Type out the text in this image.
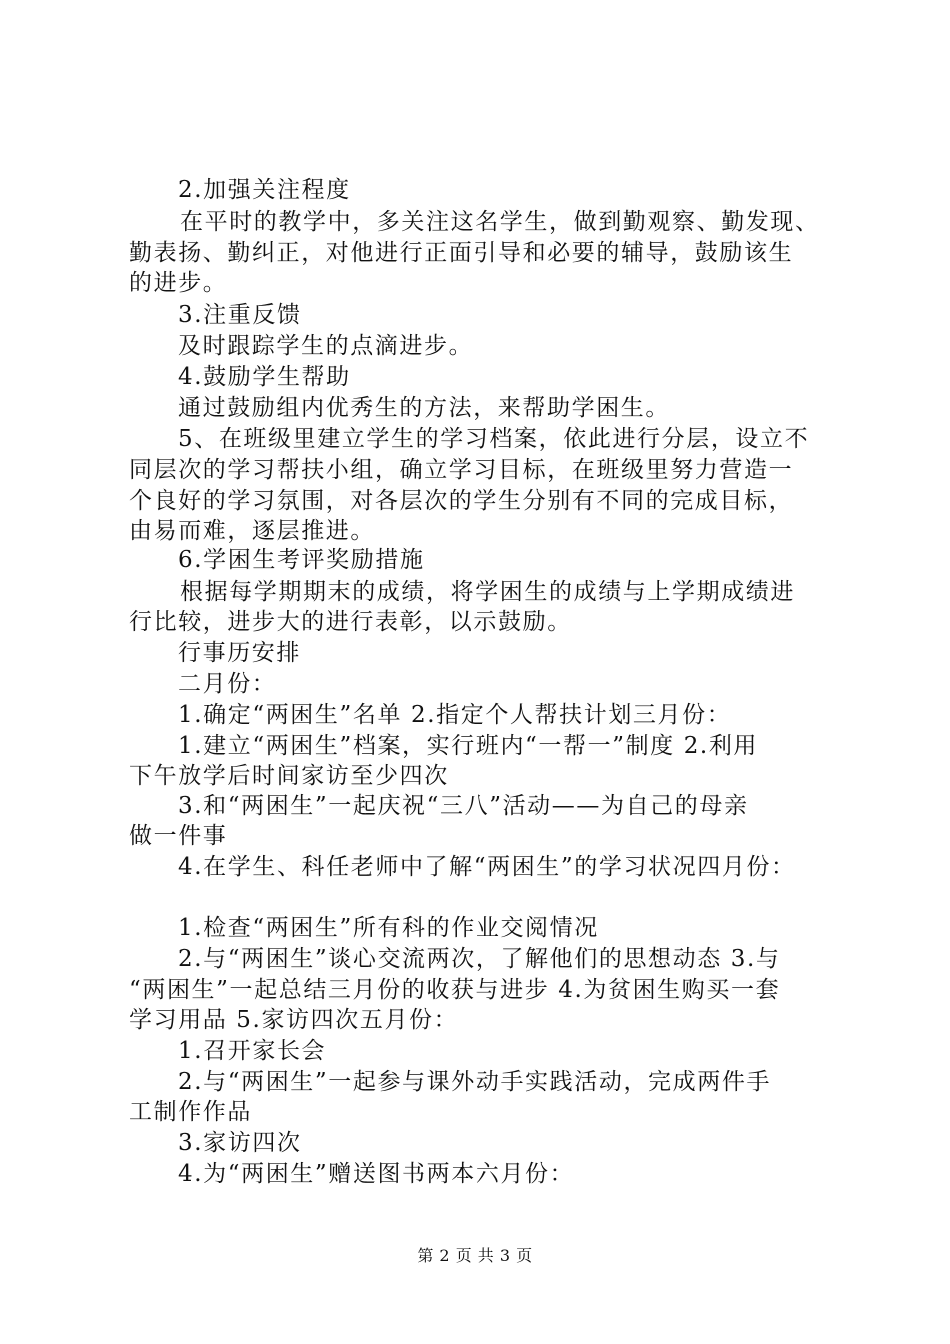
2.加强关注程度
在平时的教学中，多关注这名学生，做到勤观察、勤发现、
勤表扬、勤纠正，对他进行正面引导和必要的辅导，鼓励该生
的进步。
3.注重反馈
及时跟踪学生的点滴进步。
4.鼓励学生帮助
通过鼓励组内优秀生的方法，来帮助学困生。
5、在班级里建立学生的学习档案，依此进行分层，设立不
同层次的学习帮扶小组，确立学习目标，在班级里努力营造一
个良好的学习氛围，对各层次的学生分别有不同的完成目标，
由易而难，逐层推进。
6.学困生考评奖励措施
根据每学期期末的成绩，将学困生的成绩与上学期成绩进
行比较，进步大的进行表彰，以示鼓励。
行事历安排
二月份：
1.确定“两困生”名单 2.指定个人帮扶计划三月份：
1.建立“两困生”档案，实行班内“一帮一”制度 2.利用
下午放学后时间家访至少四次
3.和“两困生”一起庆祝“三八”活动——为自己的母亲
做一件事
4.在学生、科任老师中了解“两困生”的学习状况四月份：
1.检查“两困生”所有科的作业交阅情况
2.与“两困生”谈心交流两次，了解他们的思想动态 3.与
“两困生”一起总结三月份的收获与进步 4.为贫困生购买一套
学习用品 5.家访四次五月份：
1.召开家长会
2.与“两困生”一起参与课外动手实践活动，完成两件手
工制作作品
3.家访四次
4.为“两困生”赠送图书两本六月份：
第 2 页 共 3 页
